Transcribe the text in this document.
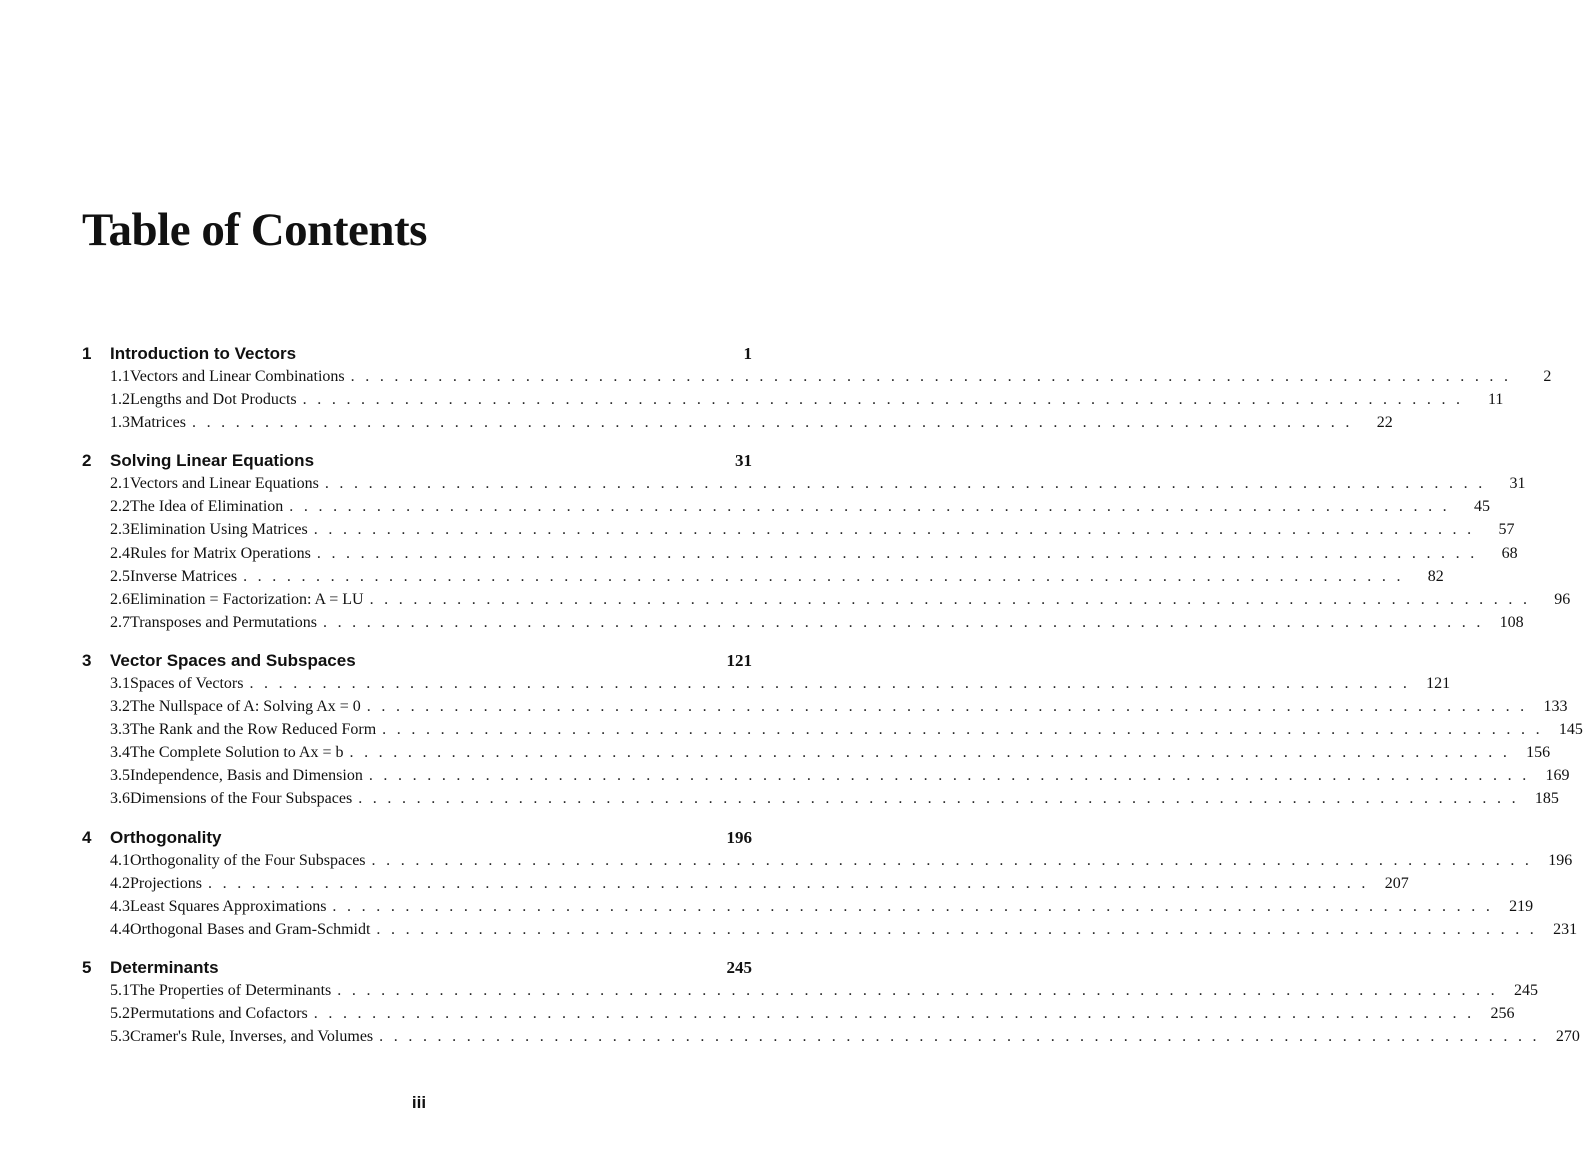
Table of Contents
1	Introduction to Vectors	1
1.1 Vectors and Linear Combinations . . . . . . . . . . . . . . . . . . . . . . . . . . . . . . . . . . . . . . . . . . . . . . . . . . . . . . . . . . . . . . . . . . . . . . . . . . . . . . . .	2
1.2 Lengths and Dot Products . . . . . . . . . . . . . . . . . . . . . . . . . . . . . . . . . . . . . . . . . . . . . . . . . . . . . . . . . . . . . . . . . . . . . . . . . . . . . . . .	11
1.3 Matrices . . . . . . . . . . . . . . . . . . . . . . . . . . . . . . . . . . . . . . . . . . . . . . . . . . . . . . . . . . . . . . . . . . . . . . . . . . . . . . . .	22
2	Solving Linear Equations	31
2.1 Vectors and Linear Equations . . . . . . . . . . . . . . . . . . . . . . . . . . . . . . . . . . . . . . . . . . . . . . . . . . . . . . . . . . . . . . . . . . . . . . . . . . . . . . . .	31
2.2 The Idea of Elimination . . . . . . . . . . . . . . . . . . . . . . . . . . . . . . . . . . . . . . . . . . . . . . . . . . . . . . . . . . . . . . . . . . . . . . . . . . . . . . . .	45
2.3 Elimination Using Matrices . . . . . . . . . . . . . . . . . . . . . . . . . . . . . . . . . . . . . . . . . . . . . . . . . . . . . . . . . . . . . . . . . . . . . . . . . . . . . . . .	57
2.4 Rules for Matrix Operations . . . . . . . . . . . . . . . . . . . . . . . . . . . . . . . . . . . . . . . . . . . . . . . . . . . . . . . . . . . . . . . . . . . . . . . . . . . . . . . .	68
2.5 Inverse Matrices . . . . . . . . . . . . . . . . . . . . . . . . . . . . . . . . . . . . . . . . . . . . . . . . . . . . . . . . . . . . . . . . . . . . . . . . . . . . . . . .	82
2.6 Elimination = Factorization: A = LU . . . . . . . . . . . . . . . . . . . . . . . . . . . . . . . . . . . . . . . . . . . . . . . . . . . . . . . . . . . . . . . . . . . . . . . . . . . . . . . .	96
2.7 Transposes and Permutations . . . . . . . . . . . . . . . . . . . . . . . . . . . . . . . . . . . . . . . . . . . . . . . . . . . . . . . . . . . . . . . . . . . . . . . . . . . . . . . .	108
3	Vector Spaces and Subspaces	121
3.1 Spaces of Vectors . . . . . . . . . . . . . . . . . . . . . . . . . . . . . . . . . . . . . . . . . . . . . . . . . . . . . . . . . . . . . . . . . . . . . . . . . . . . . . . .	121
3.2 The Nullspace of A: Solving Ax = 0 . . . . . . . . . . . . . . . . . . . . . . . . . . . . . . . . . . . . . . . . . . . . . . . . . . . . . . . . . . . . . . . . . . . . . . . . . . . . . . . .	133
3.3 The Rank and the Row Reduced Form . . . . . . . . . . . . . . . . . . . . . . . . . . . . . . . . . . . . . . . . . . . . . . . . . . . . . . . . . . . . . . . . . . . . . . . . . . . . . . . .	145
3.4 The Complete Solution to Ax = b . . . . . . . . . . . . . . . . . . . . . . . . . . . . . . . . . . . . . . . . . . . . . . . . . . . . . . . . . . . . . . . . . . . . . . . . . . . . . . . .	156
3.5 Independence, Basis and Dimension . . . . . . . . . . . . . . . . . . . . . . . . . . . . . . . . . . . . . . . . . . . . . . . . . . . . . . . . . . . . . . . . . . . . . . . . . . . . . . . .	169
3.6 Dimensions of the Four Subspaces . . . . . . . . . . . . . . . . . . . . . . . . . . . . . . . . . . . . . . . . . . . . . . . . . . . . . . . . . . . . . . . . . . . . . . . . . . . . . . . .	185
4	Orthogonality	196
4.1 Orthogonality of the Four Subspaces . . . . . . . . . . . . . . . . . . . . . . . . . . . . . . . . . . . . . . . . . . . . . . . . . . . . . . . . . . . . . . . . . . . . . . . . . . . . . . . .	196
4.2 Projections . . . . . . . . . . . . . . . . . . . . . . . . . . . . . . . . . . . . . . . . . . . . . . . . . . . . . . . . . . . . . . . . . . . . . . . . . . . . . . . .	207
4.3 Least Squares Approximations . . . . . . . . . . . . . . . . . . . . . . . . . . . . . . . . . . . . . . . . . . . . . . . . . . . . . . . . . . . . . . . . . . . . . . . . . . . . . . . .	219
4.4 Orthogonal Bases and Gram-Schmidt . . . . . . . . . . . . . . . . . . . . . . . . . . . . . . . . . . . . . . . . . . . . . . . . . . . . . . . . . . . . . . . . . . . . . . . . . . . . . . . .	231
5	Determinants	245
5.1 The Properties of Determinants . . . . . . . . . . . . . . . . . . . . . . . . . . . . . . . . . . . . . . . . . . . . . . . . . . . . . . . . . . . . . . . . . . . . . . . . . . . . . . . .	245
5.2 Permutations and Cofactors . . . . . . . . . . . . . . . . . . . . . . . . . . . . . . . . . . . . . . . . . . . . . . . . . . . . . . . . . . . . . . . . . . . . . . . . . . . . . . . .	256
5.3 Cramer's Rule, Inverses, and Volumes . . . . . . . . . . . . . . . . . . . . . . . . . . . . . . . . . . . . . . . . . . . . . . . . . . . . . . . . . . . . . . . . . . . . . . . . . . . . . . . .	270
iii
